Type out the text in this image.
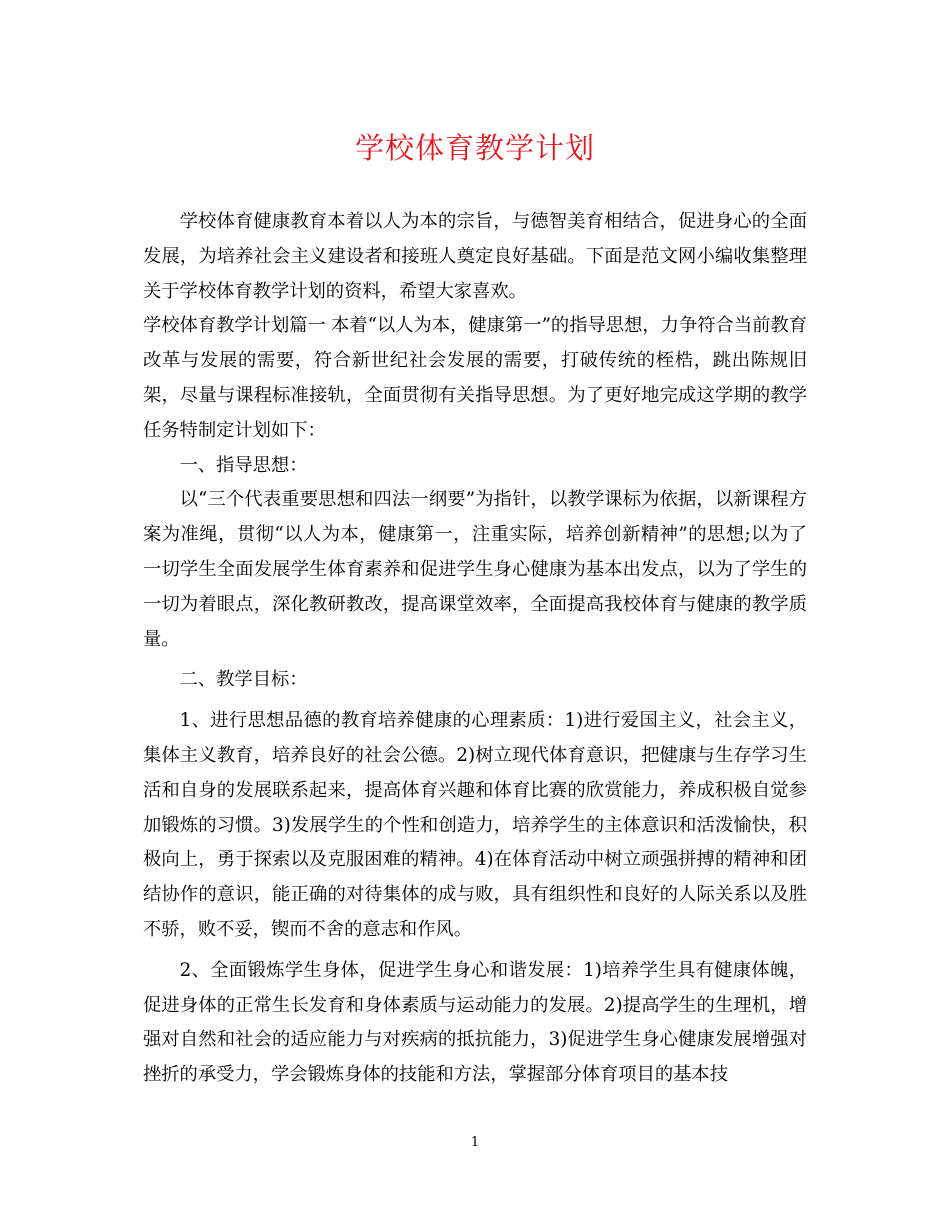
学校体育教学计划

学校体育健康教育本着以人为本的宗旨，与德智美育相结合，促进身心的全面发展，为培养社会主义建设者和接班人奠定良好基础。下面是范文网小编收集整理关于学校体育教学计划的资料，希望大家喜欢。

学校体育教学计划篇一 本着“以人为本，健康第一”的指导思想，力争符合当前教育改革与发展的需要，符合新世纪社会发展的需要，打破传统的桎梏，跳出陈规旧架，尽量与课程标准接轨，全面贯彻有关指导思想。为了更好地完成这学期的教学任务特制定计划如下：

一、指导思想：

以“三个代表重要思想和四法一纲要”为指针，以教学课标为依据，以新课程方案为准绳，贯彻“以人为本，健康第一，注重实际，培养创新精神”的思想;以为了一切学生全面发展学生体育素养和促进学生身心健康为基本出发点，以为了学生的一切为着眼点，深化教研教改，提高课堂效率，全面提高我校体育与健康的教学质量。

二、教学目标：

1、进行思想品德的教育培养健康的心理素质：1)进行爱国主义，社会主义，集体主义教育，培养良好的社会公德。2)树立现代体育意识，把健康与生存学习生活和自身的发展联系起来，提高体育兴趣和体育比赛的欣赏能力，养成积极自觉参加锻炼的习惯。3)发展学生的个性和创造力，培养学生的主体意识和活泼愉快，积极向上，勇于探索以及克服困难的精神。4)在体育活动中树立顽强拼搏的精神和团结协作的意识，能正确的对待集体的成与败，具有组织性和良好的人际关系以及胜不骄，败不妥，锲而不舍的意志和作风。

2、全面锻炼学生身体，促进学生身心和谐发展：1)培养学生具有健康体魄，促进身体的正常生长发育和身体素质与运动能力的发展。2)提高学生的生理机，增强对自然和社会的适应能力与对疾病的抵抗能力，3)促进学生身心健康发展增强对挫折的承受力，学会锻炼身体的技能和方法，掌握部分体育项目的基本技

1
